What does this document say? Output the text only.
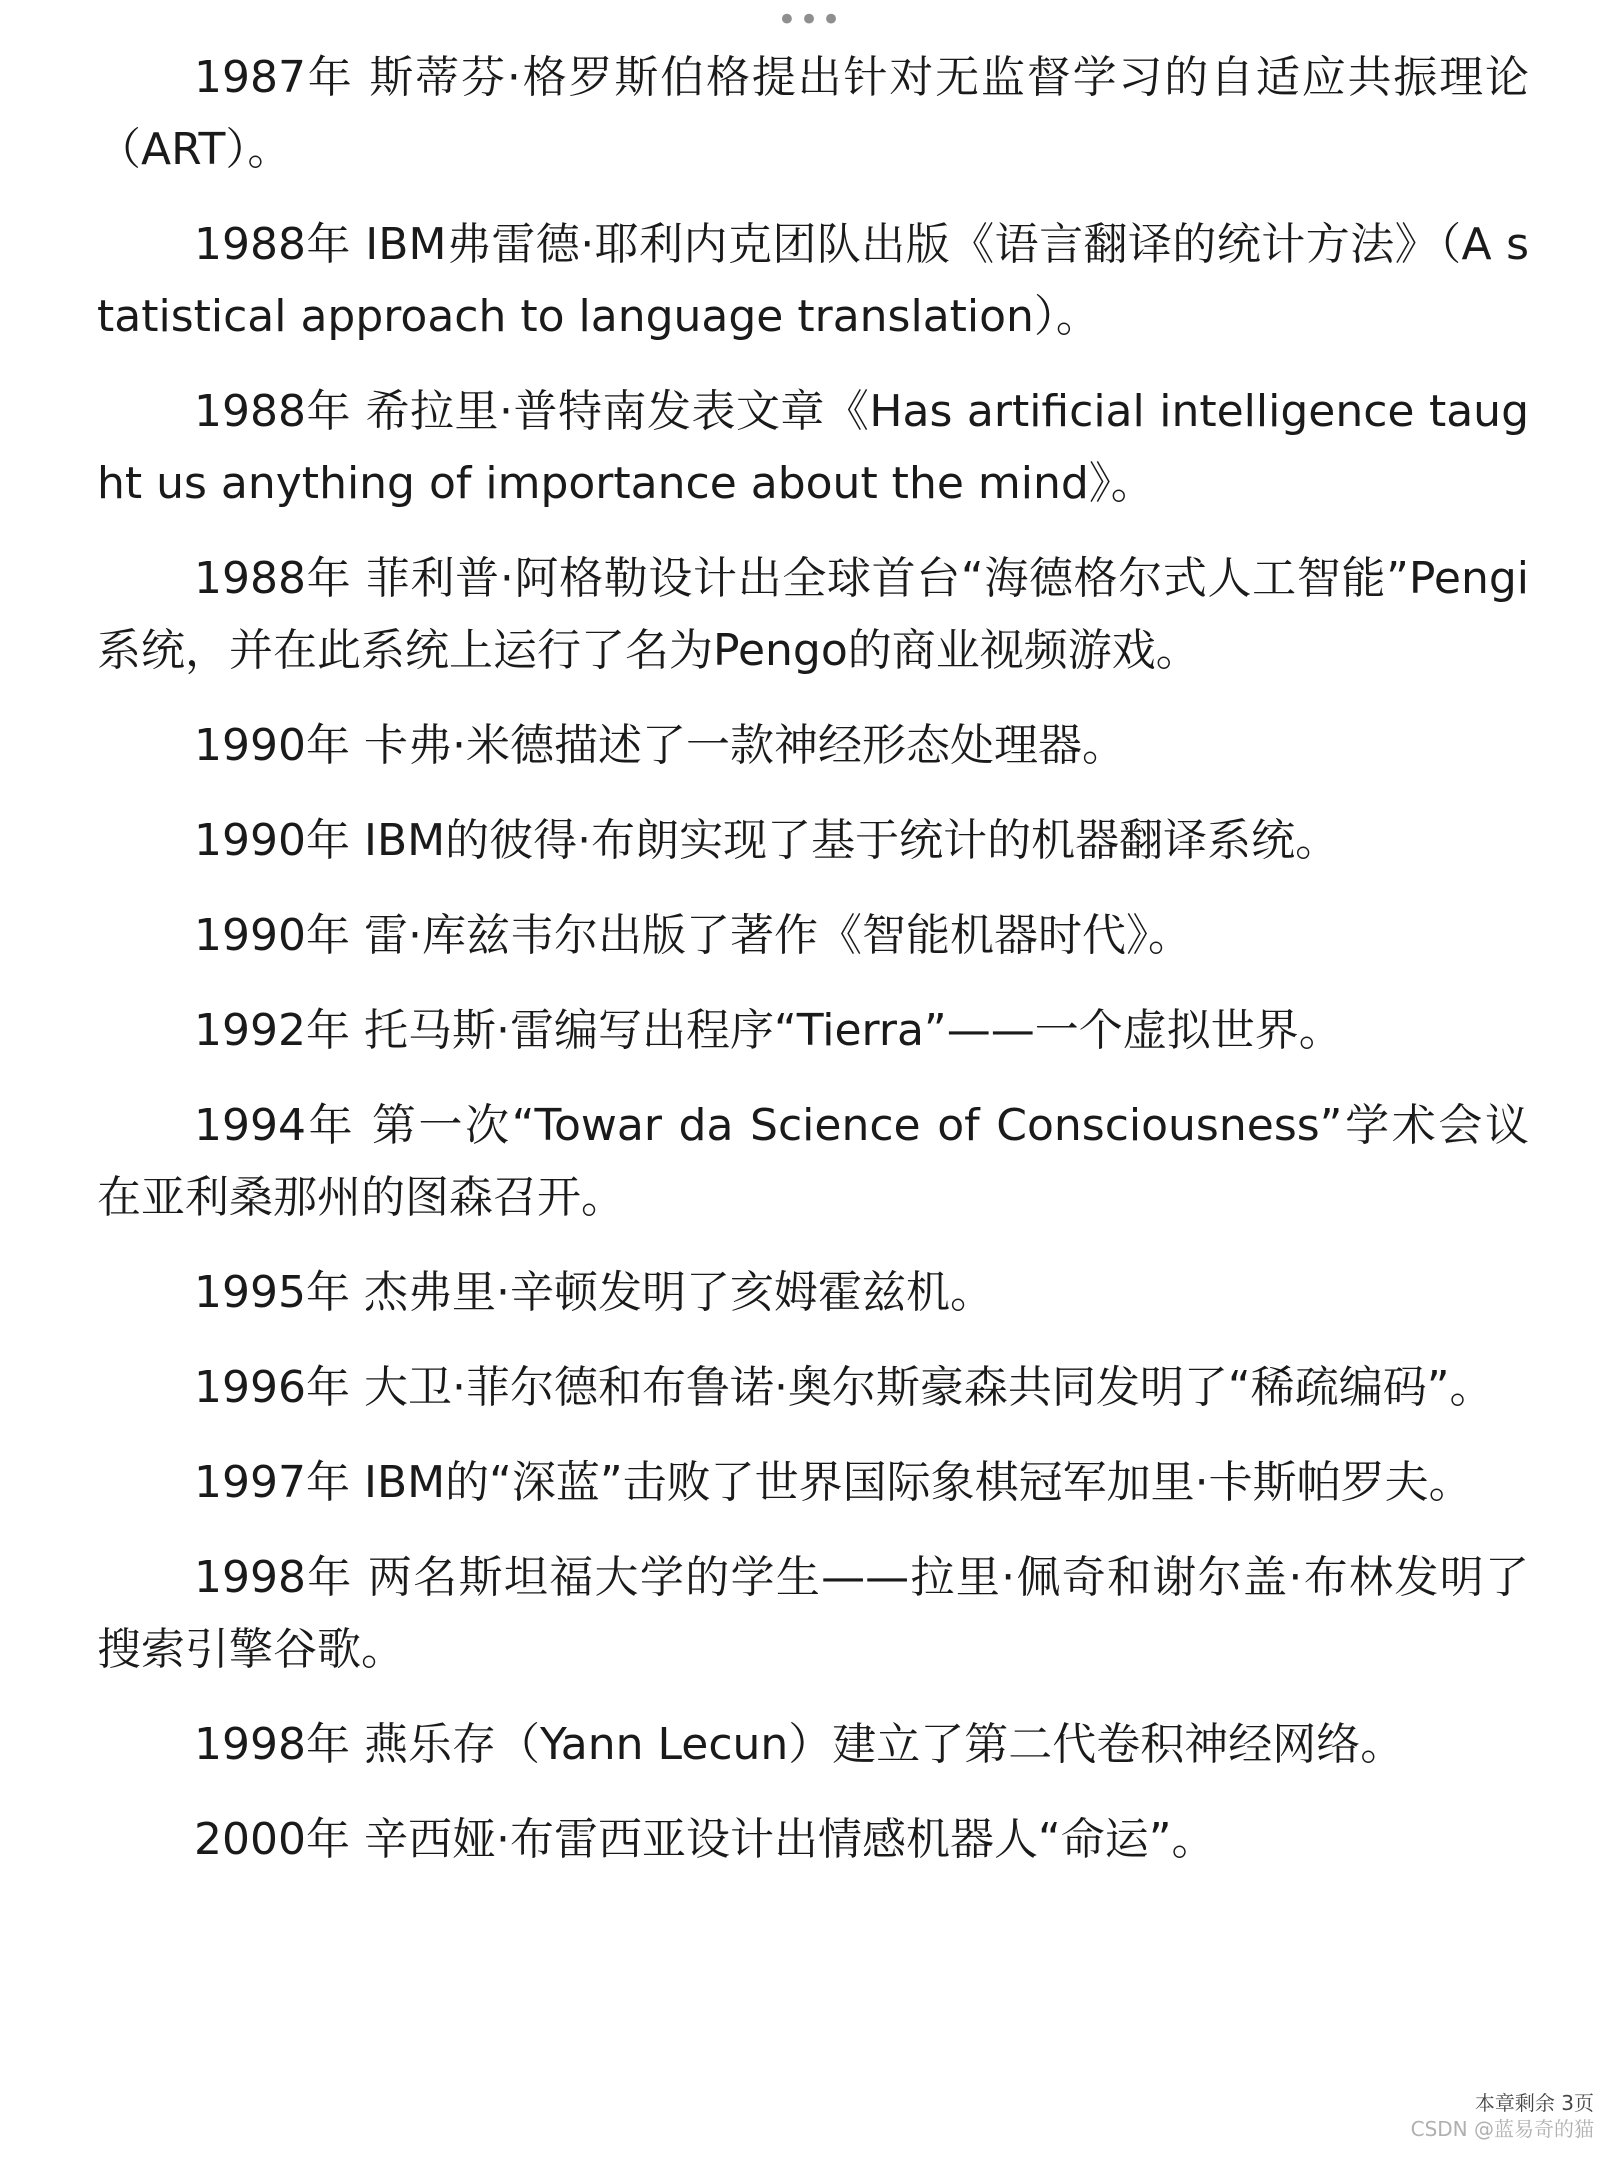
•••

1987年 斯蒂芬·格罗斯伯格提出针对无监督学习的自适应共振理论（ART）。

1988年 IBM弗雷德·耶利内克团队出版《语言翻译的统计方法》（A statistical approach to language translation）。

1988年 希拉里·普特南发表文章《Has artificial intelligence taught us anything of importance about the mind》。

1988年 菲利普·阿格勒设计出全球首台“海德格尔式人工智能”Pengi系统，并在此系统上运行了名为Pengo的商业视频游戏。

1990年 卡弗·米德描述了一款神经形态处理器。

1990年 IBM的彼得·布朗实现了基于统计的机器翻译系统。

1990年 雷·库兹韦尔出版了著作《智能机器时代》。

1992年 托马斯·雷编写出程序“Tierra”——一个虚拟世界。

1994年 第一次“Towar da Science of Consciousness”学术会议在亚利桑那州的图森召开。

1995年 杰弗里·辛顿发明了亥姆霍兹机。

1996年 大卫·菲尔德和布鲁诺·奥尔斯豪森共同发明了“稀疏编码”。

1997年 IBM的“深蓝”击败了世界国际象棋冠军加里·卡斯帕罗夫。

1998年 两名斯坦福大学的学生——拉里·佩奇和谢尔盖·布林发明了搜索引擎谷歌。

1998年 燕乐存（Yann Lecun）建立了第二代卷积神经网络。

2000年 辛西娅·布雷西亚设计出情感机器人“命运”。

本章剩余 3页
CSDN @蓝易奇的猫
